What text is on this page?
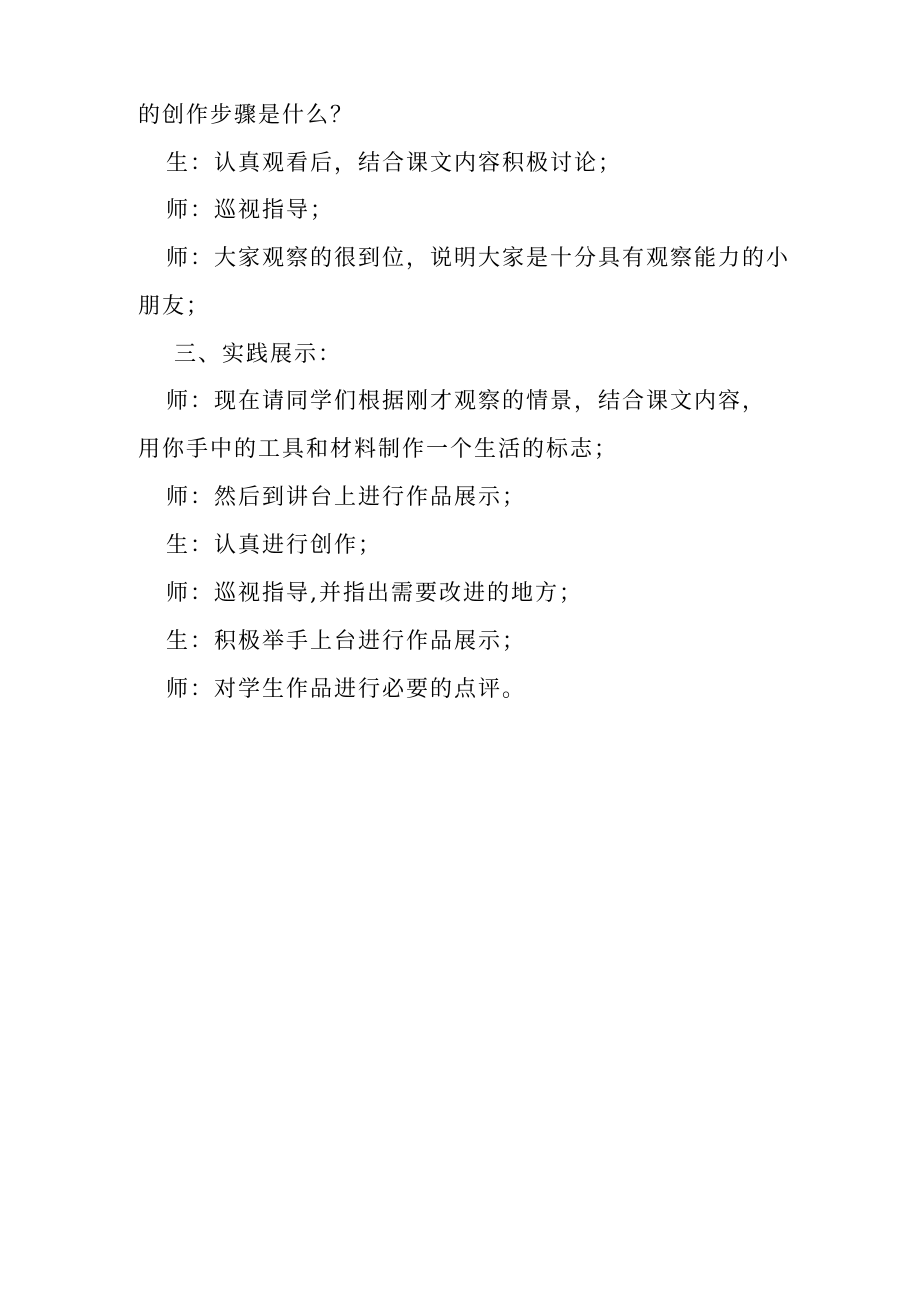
的创作步骤是什么？
生：认真观看后，结合课文内容积极讨论；
师：巡视指导；
师：大家观察的很到位，说明大家是十分具有观察能力的小
朋友；
三、实践展示：
师：现在请同学们根据刚才观察的情景，结合课文内容，
用你手中的工具和材料制作一个生活的标志；
师：然后到讲台上进行作品展示；
生：认真进行创作；
师：巡视指导,并指出需要改进的地方；
生：积极举手上台进行作品展示；
师：对学生作品进行必要的点评。
